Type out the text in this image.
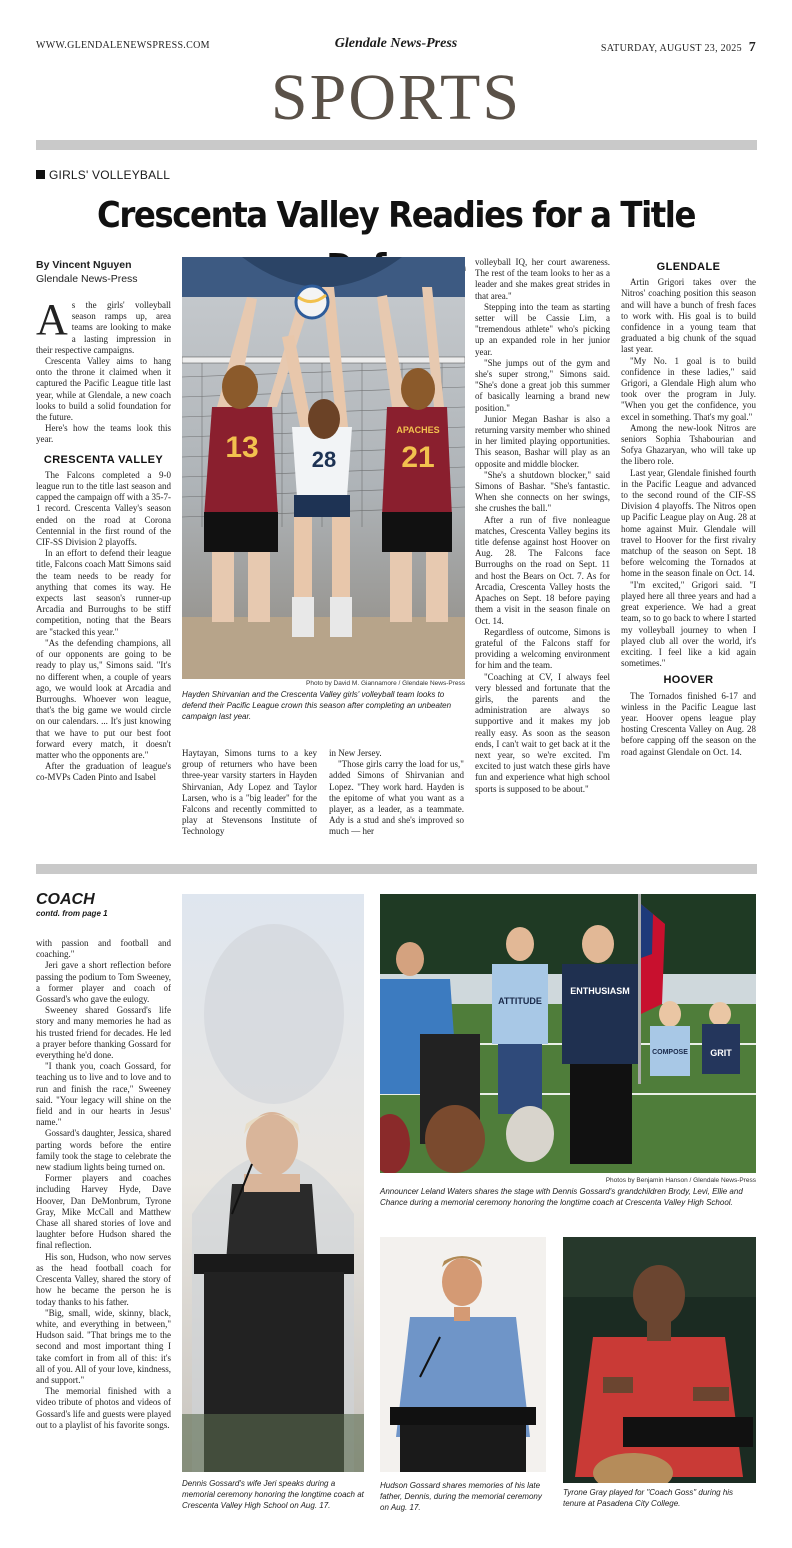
WWW.GLENDALENEWSPRESS.COM	Glendale News-Press	SATURDAY, AUGUST 23, 2025 7
SPORTS
GIRLS' VOLLEYBALL
Crescenta Valley Readies for a Title
By Vincent Nguyen
Glendale News-Press

As the girls' volleyball season ramps up, area teams are looking to make a lasting impression in their respective campaigns.

Crescenta Valley aims to hang onto the throne it claimed when it captured the Pacific League title last year, while at Glendale, a new coach looks to build a solid foundation for the future.

Here's how the teams look this year.

CRESCENTA VALLEY

The Falcons completed a 9-0 league run to the title last season and capped the campaign off with a 35-7-1 record. Crescenta Valley's season ended on the road at Corona Centennial in the first round of the CIF-SS Division 2 playoffs.

In an effort to defend their league title, Falcons coach Matt Simons said the team needs to be ready for anything that comes its way. He expects last season's runner-up Arcadia and Burroughs to be stiff competition, noting that the Bears are "stacked this year."

"As the defending champions, all of our opponents are going to be ready to play us," Simons said. "It's no different when, a couple of years ago, we would look at Arcadia and Burroughs. Whoever won league, that's the big game we would circle on our calendars. ... It's just knowing that we have to put our best foot forward every match, it doesn't matter who the opponents are."

After the graduation of league's co-MVPs Caden Pinto and Isabel

13 28
APACHES
21
Photo by David M. Giannamore / Glendale News-Press
Hayden Shirvanian and the Crescenta Valley girls' volleyball team looks to defend their Pacific League crown this season after completing an unbeaten campaign last year.

Haytayan, Simons turns to a key group of returners who have been three-year varsity starters in Hayden Shirvanian, Ady Lopez and Taylor Larsen, who is a "big leader" for the Falcons and recently committed to play at Stevensons Institute of Technology

in New Jersey.

"Those girls carry the load for us," added Simons of Shirvanian and Lopez. "They work hard. Hayden is the epitome of what you want as a player, as a leader, as a teammate. Ady is a stud and she's improved so much — her

volleyball IQ, her court awareness. The rest of the team looks to her as a leader and she makes great strides in that area."

Stepping into the team as starting setter will be Cassie Lim, a "tremendous athlete" who's picking up an expanded role in her junior year.

"She jumps out of the gym and she's super strong," Simons said. "She's done a great job this summer of basically learning a brand new position."

Junior Megan Bashar is also a returning varsity member who shined in her limited playing opportunities. This season, Bashar will play as an opposite and middle blocker.

"She's a shutdown blocker," said Simons of Bashar. "She's fantastic. When she connects on her swings, she crushes the ball."

After a run of five nonleague matches, Crescenta Valley begins its title defense against host Hoover on Aug. 28. The Falcons face Burroughs on the road on Sept. 11 and host the Bears on Oct. 7. As for Arcadia, Crescenta Valley hosts the Apaches on Sept. 18 before paying them a visit in the season finale on Oct. 14.

Regardless of outcome, Simons is grateful of the Falcons staff for providing a welcoming environment for him and the team.

"Coaching at CV, I always feel very blessed and fortunate that the girls, the parents and the administration are always so supportive and it makes my job really easy. As soon as the season ends, I can't wait to get back at it the next year, so we're excited. I'm excited to just watch these girls have fun and experience what high school sports is supposed to be about."

GLENDALE

Artin Grigori takes over the Nitros' coaching position this season and will have a bunch of fresh faces to work with. His goal is to build confidence in a young team that graduated a big chunk of the squad last year.

"My No. 1 goal is to build confidence in these ladies," said Grigori, a Glendale High alum who took over the program in July. "When you get the confidence, you excel in something. That's my goal."

Among the new-look Nitros are seniors Sophia Tshabourian and Sofya Ghazaryan, who will take up the libero role.

Last year, Glendale finished fourth in the Pacific League and advanced to the second round of the CIF-SS Division 4 playoffs. The Nitros open up Pacific League play on Aug. 28 at home against Muir. Glendale will travel to Hoover for the first rivalry matchup of the season on Sept. 18 before welcoming the Tornados at home in the season finale on Oct. 14.

"I'm excited," Grigori said. "I played here all three years and had a great experience. We had a great team, so to go back to where I started my volleyball journey to when I played club all over the world, it's exciting. I feel like a kid again sometimes."

HOOVER

The Tornados finished 6-17 and winless in the Pacific League last year. Hoover opens league play hosting Crescenta Valley on Aug. 28 before capping off the season on the road against Glendale on Oct. 14.

COACH
contd. from page 1

with passion and football and coaching."

Jeri gave a short reflection before passing the podium to Tom Sweeney, a former player and coach of Gossard's who gave the eulogy.

Sweeney shared Gossard's life story and many memories he had as his trusted friend for decades. He led a prayer before thanking Gossard for everything he'd done.

"I thank you, coach Gossard, for teaching us to live and to love and to run and finish the race," Sweeney said. "Your legacy will shine on the field and in our hearts in Jesus' name."

Gossard's daughter, Jessica, shared parting words before the entire family took the stage to celebrate the new stadium lights being turned on.

Former players and coaches including Harvey Hyde, Dave Hoover, Dan DeMonbrum, Tyrone Gray, Mike McCall and Matthew Chase all shared stories of love and laughter before Hudson shared the final reflection.

His son, Hudson, who now serves as the head football coach for Crescenta Valley, shared the story of how he became the person he is today thanks to his father.

"Big, small, wide, skinny, black, white, and everything in between," Hudson said. "That brings me to the second and most important thing I take comfort in from all of this: it's all of you. All of your love, kindness, and support."

The memorial finished with a video tribute of photos and videos of Gossard's life and guests were played out to a playlist of his favorite songs.

Dennis Gossard's wife Jeri speaks during a memorial ceremony honoring the longtime coach at Crescenta Valley High School on Aug. 17.
ATTITUDE
ENTHUSIASM
COMPOSE GRIT
Photos by Benjamin Hanson / Glendale News-Press
Announcer Leland Waters shares the stage with Dennis Gossard's grandchildren Brody, Levi, Ellie and Chance during a memorial ceremony honoring the longtime coach at Crescenta Valley High School.
Hudson Gossard shares memories of his late father, Dennis, during the memorial ceremony on Aug. 17.
Tyrone Gray played for "Coach Goss" during his tenure at Pasadena City College.
